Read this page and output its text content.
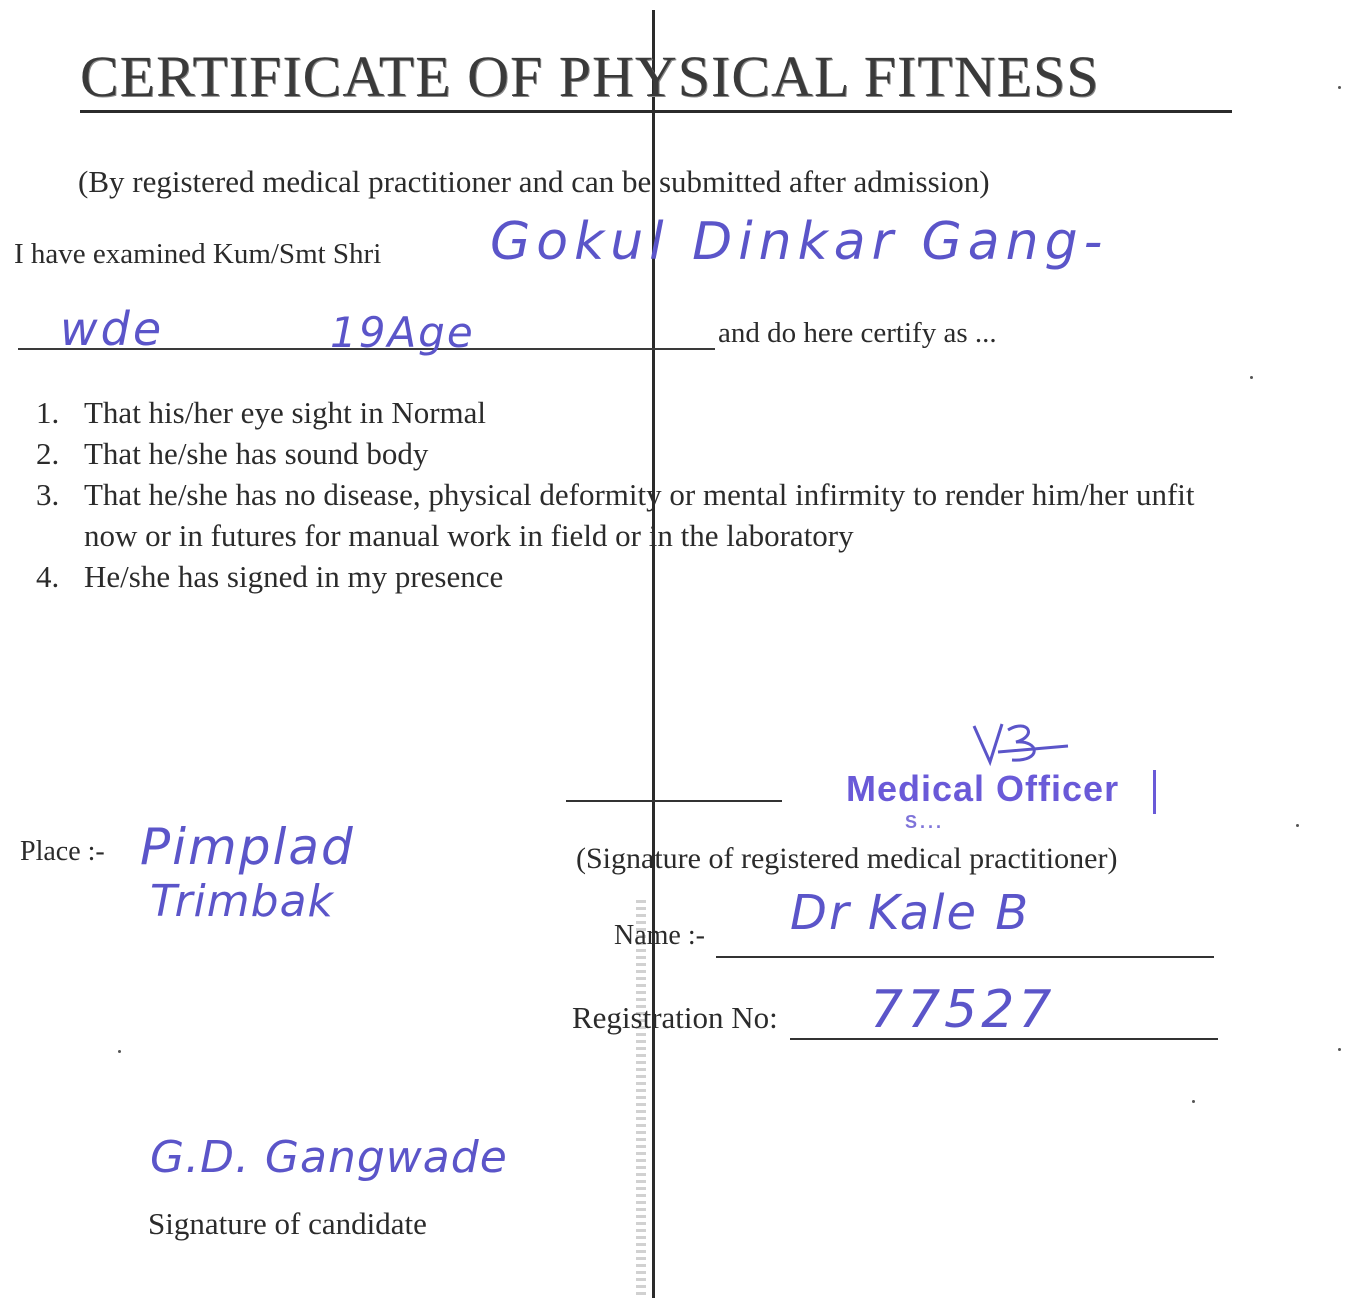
CERTIFICATE OF PHYSICAL FITNESS
(By registered medical practitioner and can be submitted after admission)
I have examined Kum/Smt Shri Gokul Dinkar Gang-
wde	19Age	and do here certify as ...
1. That his/her eye sight in Normal
2. That he/she has sound body
3. That he/she has no disease, physical deformity or mental infirmity to render him/her unfit now or in futures for manual work in field or in the laboratory
4. He/she has signed in my presence
Place :- Pimplad
Trimbak
Medical Officer
S...
(Signature of registered medical practitioner)
Name :- Dr Kale B
Registration No: 77527
G.D. Gangwade
Signature of candidate
